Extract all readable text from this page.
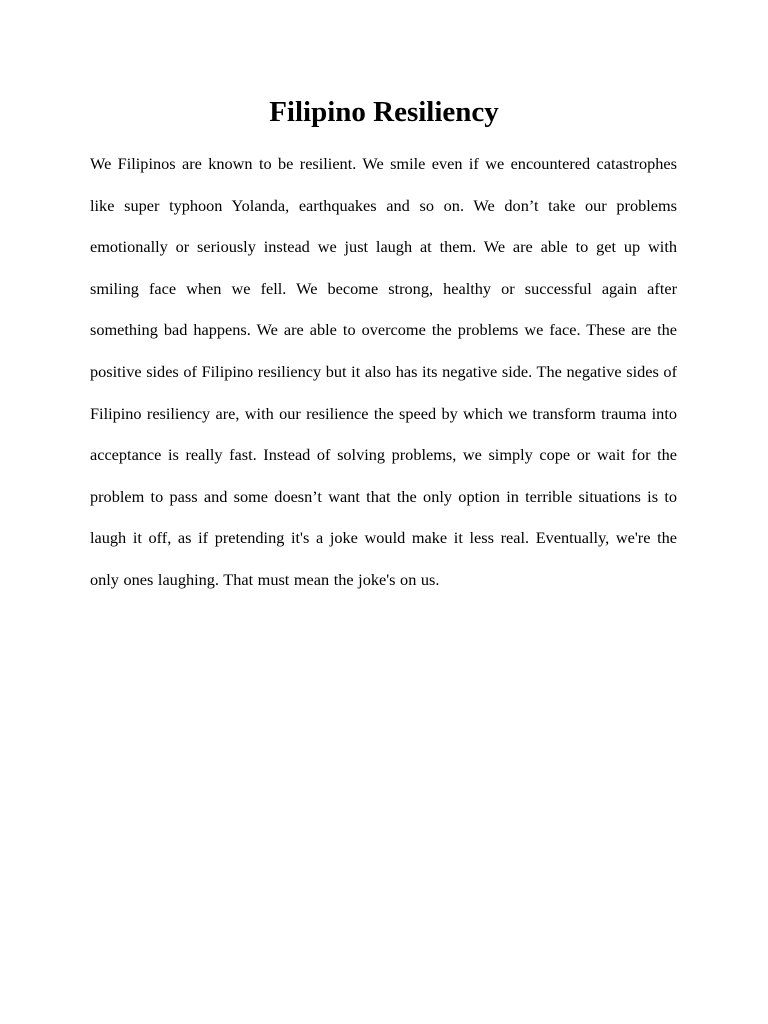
Filipino Resiliency

We Filipinos are known to be resilient. We smile even if we encountered catastrophes like super typhoon Yolanda, earthquakes and so on. We don’t take our problems emotionally or seriously instead we just laugh at them. We are able to get up with smiling face when we fell. We become strong, healthy or successful again after something bad happens. We are able to overcome the problems we face. These are the positive sides of Filipino resiliency but it also has its negative side. The negative sides of Filipino resiliency are, with our resilience the speed by which we transform trauma into acceptance is really fast. Instead of solving problems, we simply cope or wait for the problem to pass and some doesn’t want that the only option in terrible situations is to laugh it off, as if pretending it's a joke would make it less real. Eventually, we're the only ones laughing. That must mean the joke's on us.
